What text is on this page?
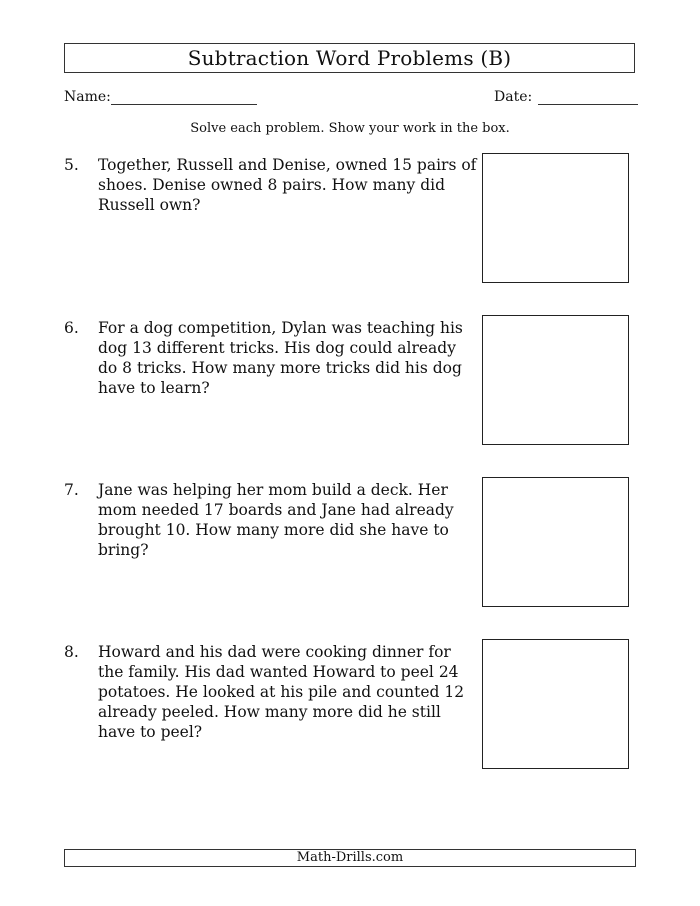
Subtraction Word Problems (B)
Name:	Date:
Solve each problem. Show your work in the box.
5. Together, Russell and Denise, owned 15 pairs of shoes. Denise owned 8 pairs. How many did Russell own?
6. For a dog competition, Dylan was teaching his dog 13 different tricks. His dog could already do 8 tricks. How many more tricks did his dog have to learn?
7. Jane was helping her mom build a deck. Her mom needed 17 boards and Jane had already brought 10. How many more did she have to bring?
8. Howard and his dad were cooking dinner for the family. His dad wanted Howard to peel 24 potatoes. He looked at his pile and counted 12 already peeled. How many more did he still have to peel?
Math-Drills.com
